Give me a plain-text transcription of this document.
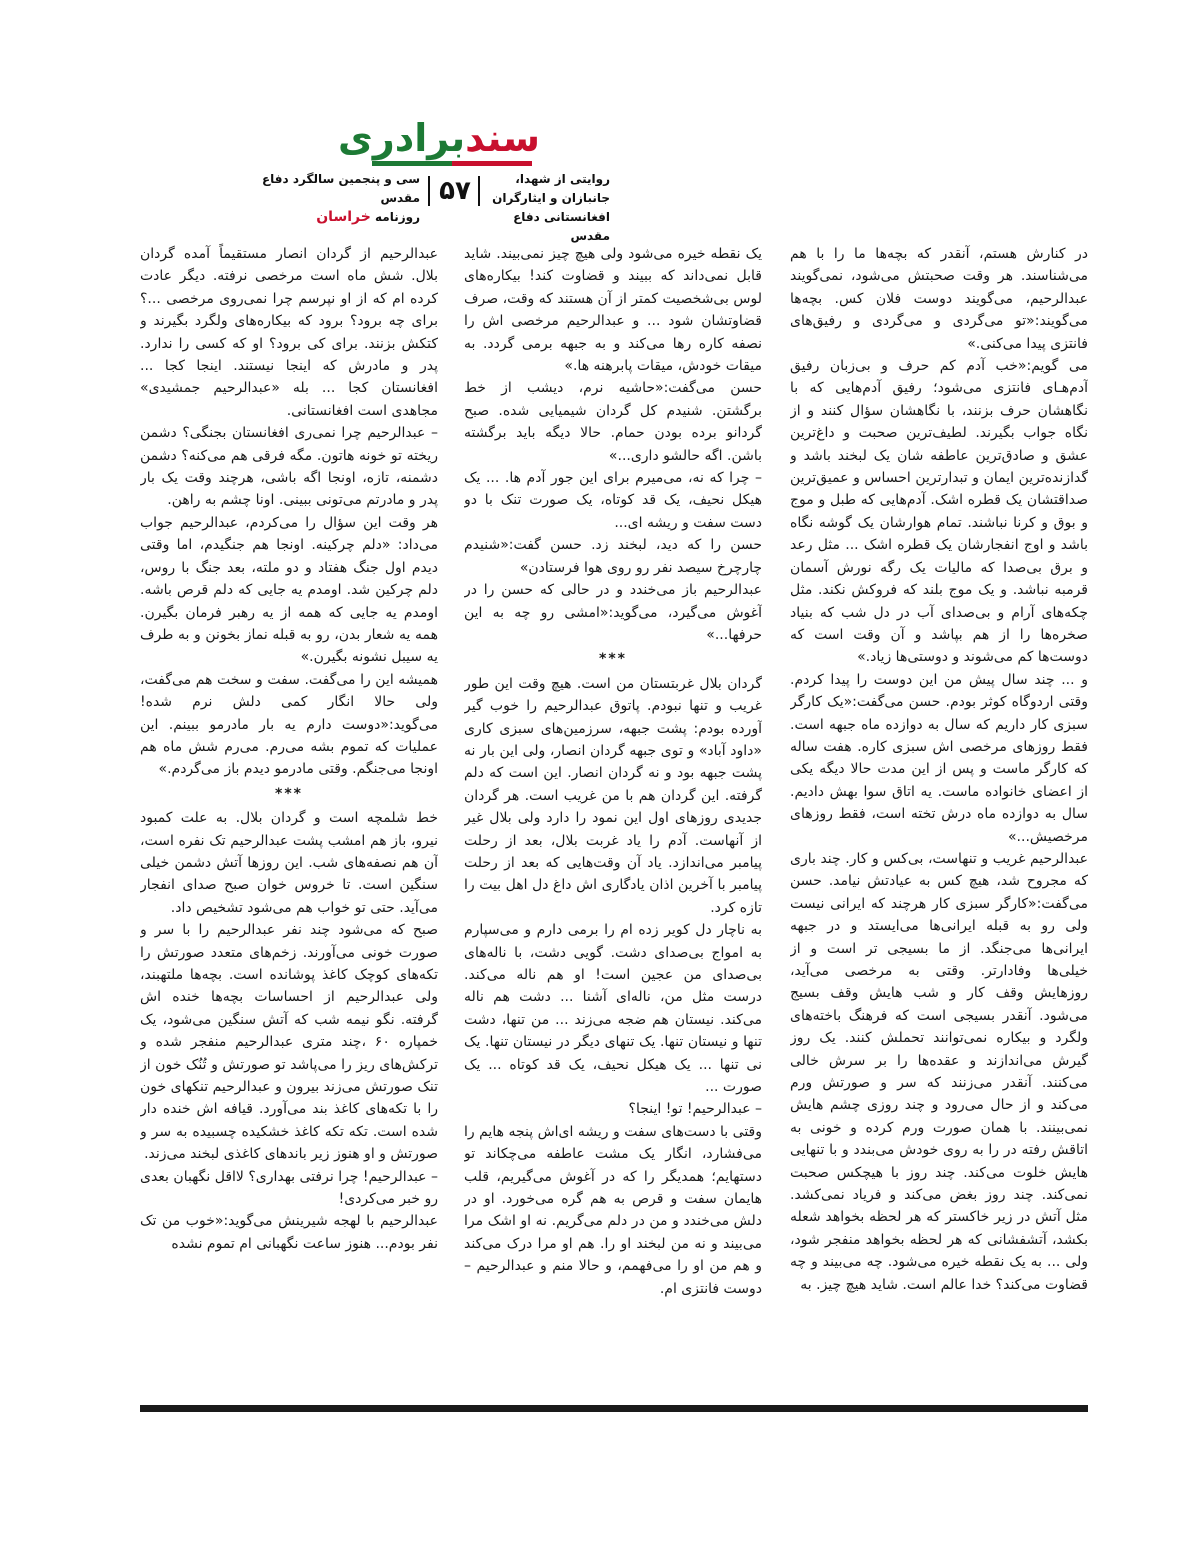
سندبرادری
روایتی از شهدا، جانبازان و ایثارگران
افغانستانی دفاع مقدس
۵۷
سی و پنجمین سالگرد دفاع مقدس
روزنامه خراسان

در کنارش هستم، آنقدر که بچه‌ها ما را با هم می‌شناسند. هر وقت صحبتش می‌شود، نمی‌گویند عبدالرحیم، می‌گویند دوست فلان کس. بچه‌ها می‌گویند:«تو می‌گردی و می‌گردی و رفیق‌های فانتزی پیدا می‌کنی.»

می گویم:«خب آدم کم حرف و بی‌زبان رفیق آدم‌هـای فانتزی می‌شود؛ رفیق آدم‌هایی که با نگاهشان حرف بزنند، با نگاهشان سؤال کنند و از نگاه جواب بگیرند. لطیف‌ترین صحبت و داغ‌ترین عشق و صادق‌ترین عاطفه شان یک لبخند باشد و گدازنده‌ترین ایمان و تبدارترین احساس و عمیق‌ترین صداقتشان یک قطره اشک. آدم‌هایی که طبل و موج و بوق و کرنا نباشند. تمام هوارشان یک گوشه نگاه باشد و اوج انفجارشان یک قطره اشک ... مثل رعد و برق بی‌صدا که مالیات یک رگه نورش آسمان قرمبه نباشد. و یک موج بلند که فروکش نکند. مثل چکه‌های آرام و بی‌صدای آب در دل شب که بنیاد صخره‌ها را از هم بپاشد و آن وقت است که دوست‌ها کم می‌شوند و دوستی‌ها زیاد.»

و ... چند سال پیش من این دوست را پیدا کردم. وقتی اردوگاه کوثر بودم. حسن می‌گفت:«یک کارگر سبزی کار داریم که سال به دوازده ماه جبهه است. فقط روزهای مرخصی اش سبزی کاره. هفت ساله که کارگر ماست و پس از این مدت حالا دیگه یکی از اعضای خانواده ماست. یه اتاق سوا بهش دادیم. سال به دوازده ماه درش تخته است، فقط روزهای مرخصیش...»

عبدالرحیم غریب و تنهاست، بی‌کس و کار. چند باری که مجروح شد، هیچ کس به عیادتش نیامد. حسن می‌گفت:«کارگر سبزی کار هرچند که ایرانی نیست ولی رو به قبله ایرانی‌ها می‌ایستد و در جبهه ایرانی‌ها می‌جنگد. از ما بسیجی تر است و از خیلی‌ها وفادارتر. وقتی به مرخصی می‌آید، روزهایش وقف کار و شب هایش وقف بسیج می‌شود. آنقدر بسیجی است که فرهنگ باخته‌های ولگرد و بیکاره نمی‌توانند تحملش کنند. یک روز گیرش می‌اندازند و عقده‌ها را بر سرش خالی می‌کنند. آنقدر می‌زنند که سر و صورتش ورم می‌کند و از حال می‌رود و چند روزی چشم هایش نمی‌بینند. با همان صورت ورم کرده و خونی به اتاقش رفته در را به روی خودش می‌بندد و با تنهایی هایش خلوت می‌کند. چند روز با هیچکس صحبت نمی‌کند. چند روز بغض می‌کند و فریاد نمی‌کشد. مثل آتش در زیر خاکستر که هر لحظه بخواهد شعله بکشد، آتشفشانی که هر لحظه بخواهد منفجر شود، ولی ... به یک نقطه خیره می‌شود. چه می‌بیند و چه قضاوت می‌کند؟ خدا عالم است. شاید هیچ چیز. به

یک نقطه خیره می‌شود ولی هیچ چیز نمی‌بیند. شاید قابل نمی‌داند که ببیند و قضاوت کند! بیکاره‌های لوس بی‌شخصیت کمتر از آن هستند که وقت، صرف قضاوتشان شود ... و عبدالرحیم مرخصی اش را نصفه کاره رها می‌کند و به جبهه برمی گردد. به میقات خودش، میقات پابرهنه ها.»

حسن می‌گفت:«حاشیه نرم، دیشب از خط برگشتن. شنیدم کل گردان شیمیایی شده. صبح گردانو برده بودن حمام. حالا دیگه باید برگشته باشن. اگه حالشو داری...»

– چرا که نه، می‌میرم برای این جور آدم ها. ... یک هیکل نحیف، یک قد کوتاه، یک صورت تنک با دو دست سفت و ریشه ای...

حسن را که دید، لبخند زد. حسن گفت:«شنیدم چارچرخ سیصد نفر رو روی هوا فرستادن»

عبدالرحیم باز می‌خندد و در حالی که حسن را در آغوش می‌گیرد، می‌گوید:«امشی رو چه به این حرفها...»

***

گردان بلال غربتستان من است. هیچ وقت این طور غریب و تنها نبودم. پاتوق عبدالرحیم را خوب گیر آورده بودم: پشت جبهه، سرزمین‌های سبزی کاری «داود آباد» و توی جبهه گردان انصار، ولی این بار نه پشت جبهه بود و نه گردان انصار. این است که دلم گرفته. این گردان هم با من غریب است. هر گردان جدیدی روزهای اول این نمود را دارد ولی بلال غیر از آنهاست. آدم را یاد غربت بلال، بعد از رحلت پیامبر می‌اندازد. یاد آن وقت‌هایی که بعد از رحلت پیامبر با آخرین اذان یادگاری اش داغ دل اهل بیت را تازه کرد.

به ناچار دل کویر زده ام را برمی دارم و می‌سپارم به امواج بی‌صدای دشت. گویی دشت، با ناله‌های بی‌صدای من عجین است! او هم ناله می‌کند. درست مثل من، ناله‌ای آشنا ... دشت هم ناله می‌کند. نیستان هم ضجه می‌زند ... من تنها، دشت تنها و نیستان تنها. یک تنهای دیگر در نیستان تنها. یک نی تنها ... یک هیکل نحیف، یک قد کوتاه ... یک صورت ...

– عبدالرحیم! تو! اینجا؟

وقتی با دست‌های سفت و ریشه ای‌اش پنجه هایم را می‌فشارد، انگار یک مشت عاطفه می‌چکاند تو دستهایم؛ همدیگر را که در آغوش می‌گیریم، قلب هایمان سفت و قرص به هم گره می‌خورد. او در دلش می‌خندد و من در دلم می‌گریم. نه او اشک مرا می‌بیند و نه من لبخند او را. هم او مرا درک می‌کند و هم من او را می‌فهمم، و حالا منم و عبدالرحیم – دوست فانتزی ام.

عبدالرحیم از گردان انصار مستقیماً آمده گردان بلال. شش ماه است مرخصی نرفته. دیگر عادت کرده ام که از او نپرسم چرا نمی‌روی مرخصی ...؟ برای چه برود؟ برود که بیکاره‌های ولگرد بگیرند و کتکش بزنند. برای کی برود؟ او که کسی را ندارد. پدر و مادرش که اینجا نیستند. اینجا کجا ... افغانستان کجا ... بله «عبدالرحیم جمشیدی» مجاهدی است افغانستانی.

– عبدالرحیم چرا نمی‌ری افغانستان بجنگی؟ دشمن ریخته تو خونه هاتون. مگه فرقی هم می‌کنه؟ دشمن دشمنه، تازه، اونجا اگه باشی، هرچند وقت یک بار پدر و مادرتم می‌تونی ببینی. اونا چشم به راهن.

هر وقت این سؤال را می‌کردم، عبدالرحیم جواب می‌داد: «دلم چرکینه. اونجا هم جنگیدم، اما وقتی دیدم اول جنگ هفتاد و دو ملته، بعد جنگ با روس، دلم چرکین شد. اومدم یه جایی که دلم قرص باشه. اومدم یه جایی که همه از یه رهبر فرمان بگیرن. همه یه شعار بدن، رو به قبله نماز بخونن و به طرف یه سیبل نشونه بگیرن.»

همیشه این را می‌گفت. سفت و سخت هم می‌گفت، ولی حالا انگار کمی دلش نرم شده! می‌گوید:«دوست دارم یه بار مادرمو ببینم. این عملیات که تموم بشه می‌رم. می‌رم شش ماه هم اونجا می‌جنگم. وقتی مادرمو دیدم باز می‌گردم.»

***

خط شلمچه است و گردان بلال. به علت کمبود نیرو، باز هم امشب پشت عبدالرحیم تک نفره است، آن هم نصفه‌های شب. این روزها آتش دشمن خیلی سنگین است. تا خروس خوان صبح صدای انفجار می‌آید. حتی تو خواب هم می‌شود تشخیص داد.

صبح که می‌شود چند نفر عبدالرحیم را با سر و صورت خونی می‌آورند. زخم‌های متعدد صورتش را تکه‌های کوچک کاغذ پوشانده است. بچه‌ها ملتهبند، ولی عبدالرحیم از احساسات بچه‌ها خنده اش گرفته. نگو نیمه شب که آتش سنگین می‌شود، یک خمپاره ۶۰ ،چند متری عبدالرحیم منفجر شده و ترکش‌های ریز را می‌پاشد تو صورتش و تُنُک خون از تنک صورتش می‌زند بیرون و عبدالرحیم تنکهای خون را با تکه‌های کاغذ بند می‌آورد. قیافه اش خنده دار شده است. تکه تکه کاغذ خشکیده چسبیده به سر و صورتش و او هنوز زیر باندهای کاغذی لبخند می‌زند.

– عبدالرحیم! چرا نرفتی بهداری؟ لااقل نگهبان بعدی رو خبر می‌کردی!

عبدالرحیم با لهجه شیرینش می‌گوید:«خوب من تک نفر بودم... هنوز ساعت نگهبانی ام تموم نشده
